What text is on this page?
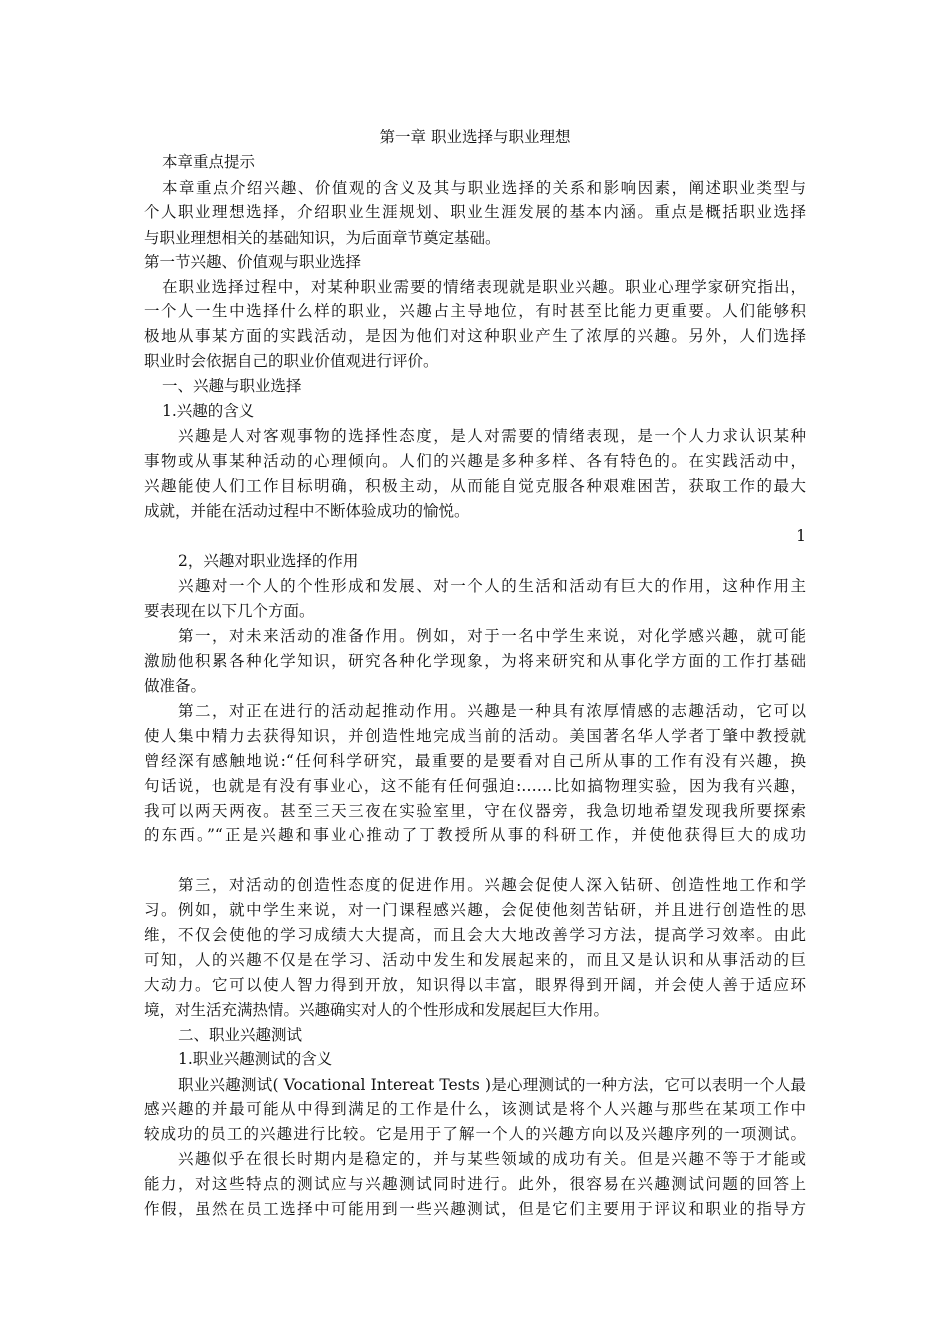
第一章 职业选择与职业理想
本章重点提示
本章重点介绍兴趣、价值观的含义及其与职业选择的关系和影响因素，阐述职业类型与
个人职业理想选择，介绍职业生涯规划、职业生涯发展的基本内涵。重点是概括职业选择
与职业理想相关的基础知识，为后面章节奠定基础。
第一节兴趣、价值观与职业选择
在职业选择过程中，对某种职业需要的情绪表现就是职业兴趣。职业心理学家研究指出，
一个人一生中选择什么样的职业，兴趣占主导地位，有时甚至比能力更重要。人们能够积
极地从事某方面的实践活动，是因为他们对这种职业产生了浓厚的兴趣。另外，人们选择
职业时会依据自己的职业价值观进行评价。
一、兴趣与职业选择
1.兴趣的含义
兴趣是人对客观事物的选择性态度，是人对需要的情绪表现，是一个人力求认识某种
事物或从事某种活动的心理倾向。人们的兴趣是多种多样、各有特色的。在实践活动中，
兴趣能使人们工作目标明确，积极主动，从而能自觉克服各种艰难困苦，获取工作的最大
成就，并能在活动过程中不断体验成功的愉悦。
1
2，兴趣对职业选择的作用
兴趣对一个人的个性形成和发展、对一个人的生活和活动有巨大的作用，这种作用主
要表现在以下几个方面。
第一，对未来活动的准备作用。例如，对于一名中学生来说，对化学感兴趣，就可能
激励他积累各种化学知识，研究各种化学现象，为将来研究和从事化学方面的工作打基础
做准备。
第二，对正在进行的活动起推动作用。兴趣是一种具有浓厚情感的志趣活动，它可以
使人集中精力去获得知识，并创造性地完成当前的活动。美国著名华人学者丁肇中教授就
曾经深有感触地说:“任何科学研究，最重要的是要看对自己所从事的工作有没有兴趣，换
句话说，也就是有没有事业心，这不能有任何强迫:……比如搞物理实验，因为我有兴趣，
我可以两天两夜。甚至三天三夜在实验室里，守在仪器旁，我急切地希望发现我所要探索
的东西。”“正是兴趣和事业心推动了丁教授所从事的科研工作，并使他获得巨大的成功
第三，对活动的创造性态度的促进作用。兴趣会促使人深入钻研、创造性地工作和学
习。例如，就中学生来说，对一门课程感兴趣，会促使他刻苦钻研，并且进行创造性的思
维，不仅会使他的学习成绩大大提高，而且会大大地改善学习方法，提高学习效率。由此
可知，人的兴趣不仅是在学习、活动中发生和发展起来的，而且又是认识和从事活动的巨
大动力。它可以使人智力得到开放，知识得以丰富，眼界得到开阔，并会使人善于适应环
境，对生活充满热情。兴趣确实对人的个性形成和发展起巨大作用。
二、职业兴趣测试
1.职业兴趣测试的含义
职业兴趣测试( Vocational Intereat Tests )是心理测试的一种方法，它可以表明一个人最
感兴趣的并最可能从中得到满足的工作是什么，该测试是将个人兴趣与那些在某项工作中
较成功的员工的兴趣进行比较。它是用于了解一个人的兴趣方向以及兴趣序列的一项测试。
兴趣似乎在很长时期内是稳定的，并与某些领域的成功有关。但是兴趣不等于才能或
能力，对这些特点的测试应与兴趣测试同时进行。此外，很容易在兴趣测试问题的回答上
作假，虽然在员工选择中可能用到一些兴趣测试，但是它们主要用于评议和职业的指导方
